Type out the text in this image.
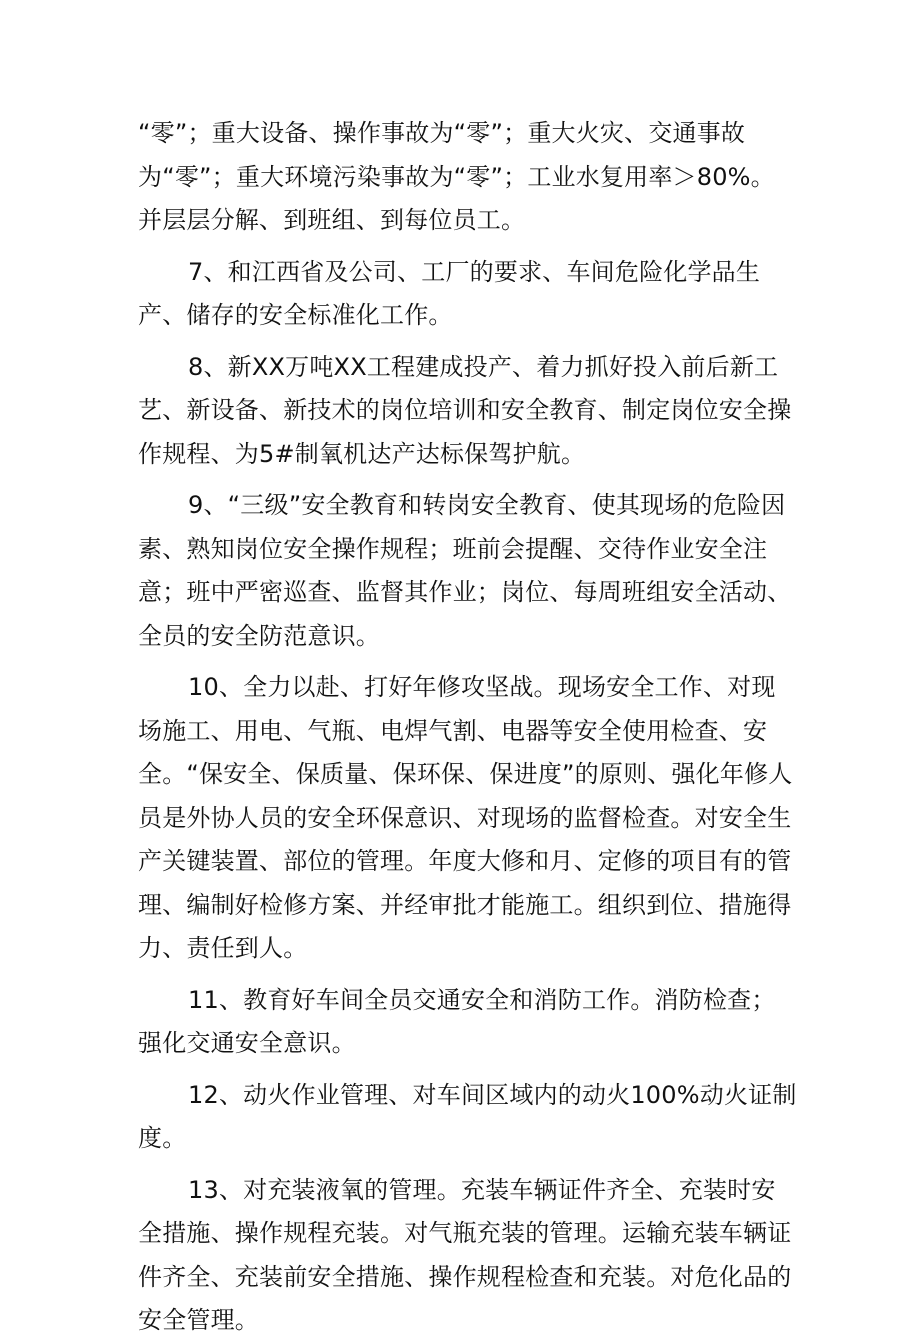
“零”；重大设备、操作事故为“零”；重大火灾、交通事故为“零”；重大环境污染事故为“零”；工业水复用率＞80%。并层层分解、到班组、到每位员工。

7、和江西省及公司、工厂的要求、车间危险化学品生产、储存的安全标准化工作。

8、新XX万吨XX工程建成投产、着力抓好投入前后新工艺、新设备、新技术的岗位培训和安全教育、制定岗位安全操作规程、为5#制氧机达产达标保驾护航。

9、“三级”安全教育和转岗安全教育、使其现场的危险因素、熟知岗位安全操作规程；班前会提醒、交待作业安全注意；班中严密巡查、监督其作业；岗位、每周班组安全活动、全员的安全防范意识。

10、全力以赴、打好年修攻坚战。现场安全工作、对现场施工、用电、气瓶、电焊气割、电器等安全使用检查、安全。“保安全、保质量、保环保、保进度”的原则、强化年修人员是外协人员的安全环保意识、对现场的监督检查。对安全生产关键装置、部位的管理。年度大修和月、定修的项目有的管理、编制好检修方案、并经审批才能施工。组织到位、措施得力、责任到人。

11、教育好车间全员交通安全和消防工作。消防检查；强化交通安全意识。

12、动火作业管理、对车间区域内的动火100%动火证制度。

13、对充装液氧的管理。充装车辆证件齐全、充装时安全措施、操作规程充装。对气瓶充装的管理。运输充装车辆证件齐全、充装前安全措施、操作规程检查和充装。对危化品的安全管理。
